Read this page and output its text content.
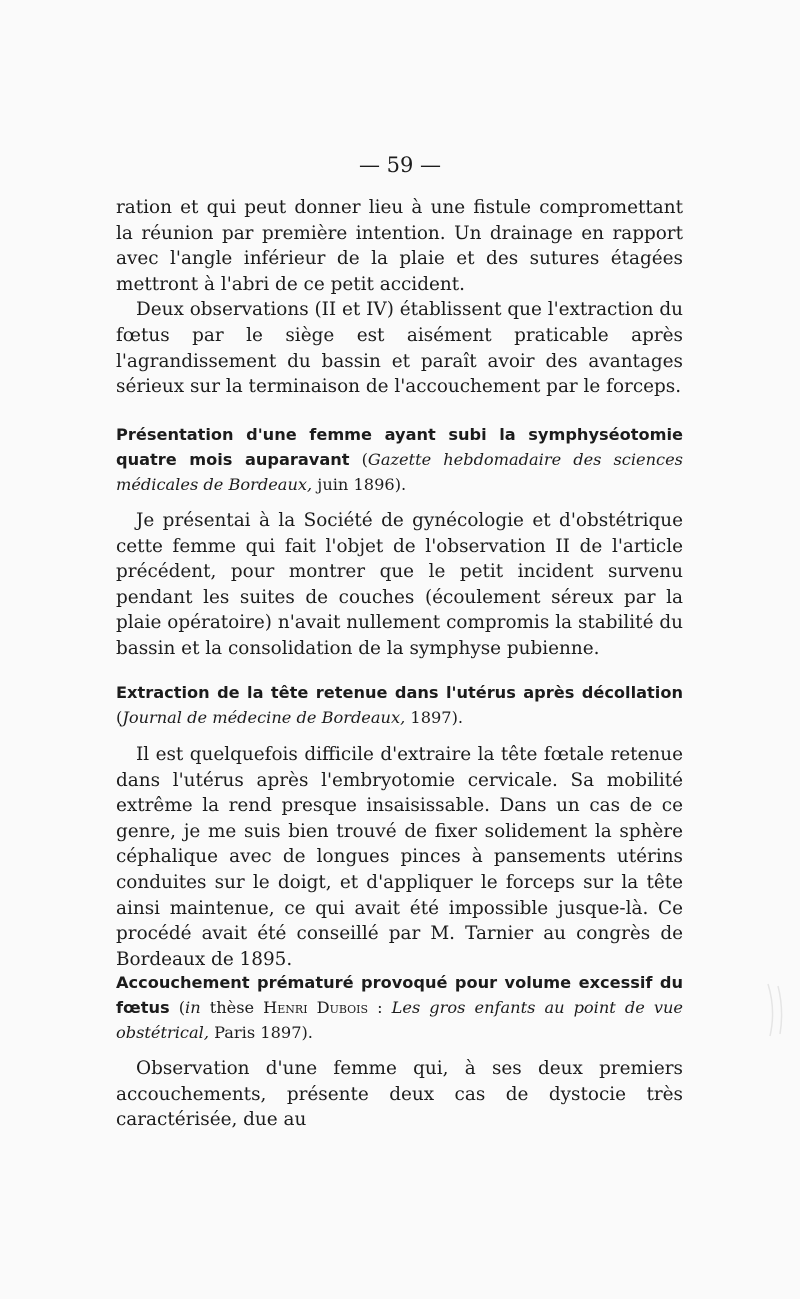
— 59 —

ration et qui peut donner lieu à une fistule compromettant la réunion par première intention. Un drainage en rapport avec l'angle inférieur de la plaie et des sutures étagées mettront à l'abri de ce petit accident.

Deux observations (II et IV) établissent que l'extraction du fœtus par le siège est aisément praticable après l'agrandissement du bassin et paraît avoir des avantages sérieux sur la terminaison de l'accouchement par le forceps.

Présentation d'une femme ayant subi la symphyséotomie quatre mois auparavant (Gazette hebdomadaire des sciences médicales de Bordeaux, juin 1896).

Je présentai à la Société de gynécologie et d'obstétrique cette femme qui fait l'objet de l'observation II de l'article précédent, pour montrer que le petit incident survenu pendant les suites de couches (écoulement séreux par la plaie opératoire) n'avait nullement compromis la stabilité du bassin et la consolidation de la symphyse pubienne.

Extraction de la tête retenue dans l'utérus après décollation (Journal de médecine de Bordeaux, 1897).

Il est quelquefois difficile d'extraire la tête fœtale retenue dans l'utérus après l'embryotomie cervicale. Sa mobilité extrême la rend presque insaisissable. Dans un cas de ce genre, je me suis bien trouvé de fixer solidement la sphère céphalique avec de longues pinces à pansements utérins conduites sur le doigt, et d'appliquer le forceps sur la tête ainsi maintenue, ce qui avait été impossible jusque-là. Ce procédé avait été conseillé par M. Tarnier au congrès de Bordeaux de 1895.

Accouchement prématuré provoqué pour volume excessif du fœtus (in thèse Henri Dubois : Les gros enfants au point de vue obstétrical, Paris 1897).

Observation d'une femme qui, à ses deux premiers accouchements, présente deux cas de dystocie très caractérisée, due au
